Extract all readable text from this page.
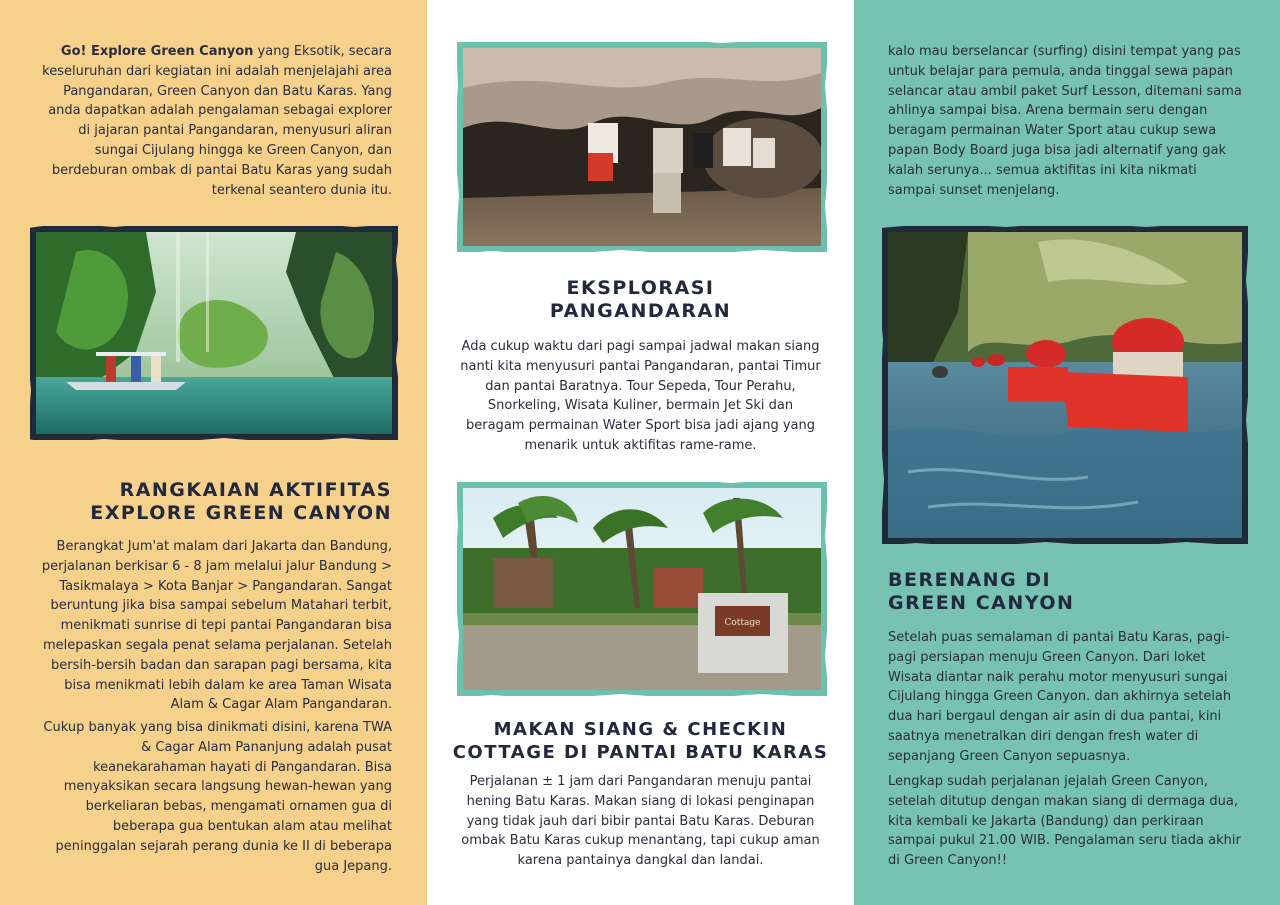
Go! Explore Green Canyon yang Eksotik, secara keseluruhan dari kegiatan ini adalah menjelajahi area Pangandaran, Green Canyon dan Batu Karas. Yang anda dapatkan adalah pengalaman sebagai explorer di jajaran pantai Pangandaran, menyusuri aliran sungai Cijulang hingga ke Green Canyon, dan berdeburan ombak di pantai Batu Karas yang sudah terkenal seantero dunia itu.

RANGKAIAN AKTIFITAS
EXPLORE GREEN CANYON

Berangkat Jum'at malam dari Jakarta dan Bandung, perjalanan berkisar 6 - 8 jam melalui jalur Bandung > Tasikmalaya > Kota Banjar > Pangandaran. Sangat beruntung jika bisa sampai sebelum Matahari terbit, menikmati sunrise di tepi pantai Pangandaran bisa melepaskan segala penat selama perjalanan. Setelah bersih-bersih badan dan sarapan pagi bersama, kita bisa menikmati lebih dalam ke area Taman Wisata Alam & Cagar Alam Pangandaran.

Cukup banyak yang bisa dinikmati disini, karena TWA & Cagar Alam Pananjung adalah pusat keanekarahaman hayati di Pangandaran. Bisa menyaksikan secara langsung hewan-hewan yang berkeliaran bebas, mengamati ornamen gua di beberapa gua bentukan alam atau melihat peninggalan sejarah perang dunia ke II di beberapa gua Jepang.

EKSPLORASI
PANGANDARAN

Ada cukup waktu dari pagi sampai jadwal makan siang nanti kita menyusuri pantai Pangandaran, pantai Timur dan pantai Baratnya. Tour Sepeda, Tour Perahu, Snorkeling, Wisata Kuliner, bermain Jet Ski dan beragam permainan Water Sport bisa jadi ajang yang menarik untuk aktifitas rame-rame.

Cottage
MAKAN SIANG & CHECKIN
COTTAGE DI PANTAI BATU KARAS

Perjalanan ± 1 jam dari Pangandaran menuju pantai hening Batu Karas. Makan siang di lokasi penginapan yang tidak jauh dari bibir pantai Batu Karas. Deburan ombak Batu Karas cukup menantang, tapi cukup aman karena pantainya dangkal dan landai.

kalo mau berselancar (surfing) disini tempat yang pas untuk belajar para pemula, anda tinggal sewa papan selancar atau ambil paket Surf Lesson, ditemani sama ahlinya sampai bisa. Arena bermain seru dengan beragam permainan Water Sport atau cukup sewa papan Body Board juga bisa jadi alternatif yang gak kalah serunya... semua aktifitas ini kita nikmati sampai sunset menjelang.

BERENANG DI
GREEN CANYON

Setelah puas semalaman di pantai Batu Karas, pagi-pagi persiapan menuju Green Canyon. Dari loket Wisata diantar naik perahu motor menyusuri sungai Cijulang hingga Green Canyon. dan akhirnya setelah dua hari bergaul dengan air asin di dua pantai, kini saatnya menetralkan diri dengan fresh water di sepanjang Green Canyon sepuasnya.

Lengkap sudah perjalanan jejalah Green Canyon, setelah ditutup dengan makan siang di dermaga dua, kita kembali ke Jakarta (Bandung) dan perkiraan sampai pukul 21.00 WIB. Pengalaman seru tiada akhir di Green Canyon!!
